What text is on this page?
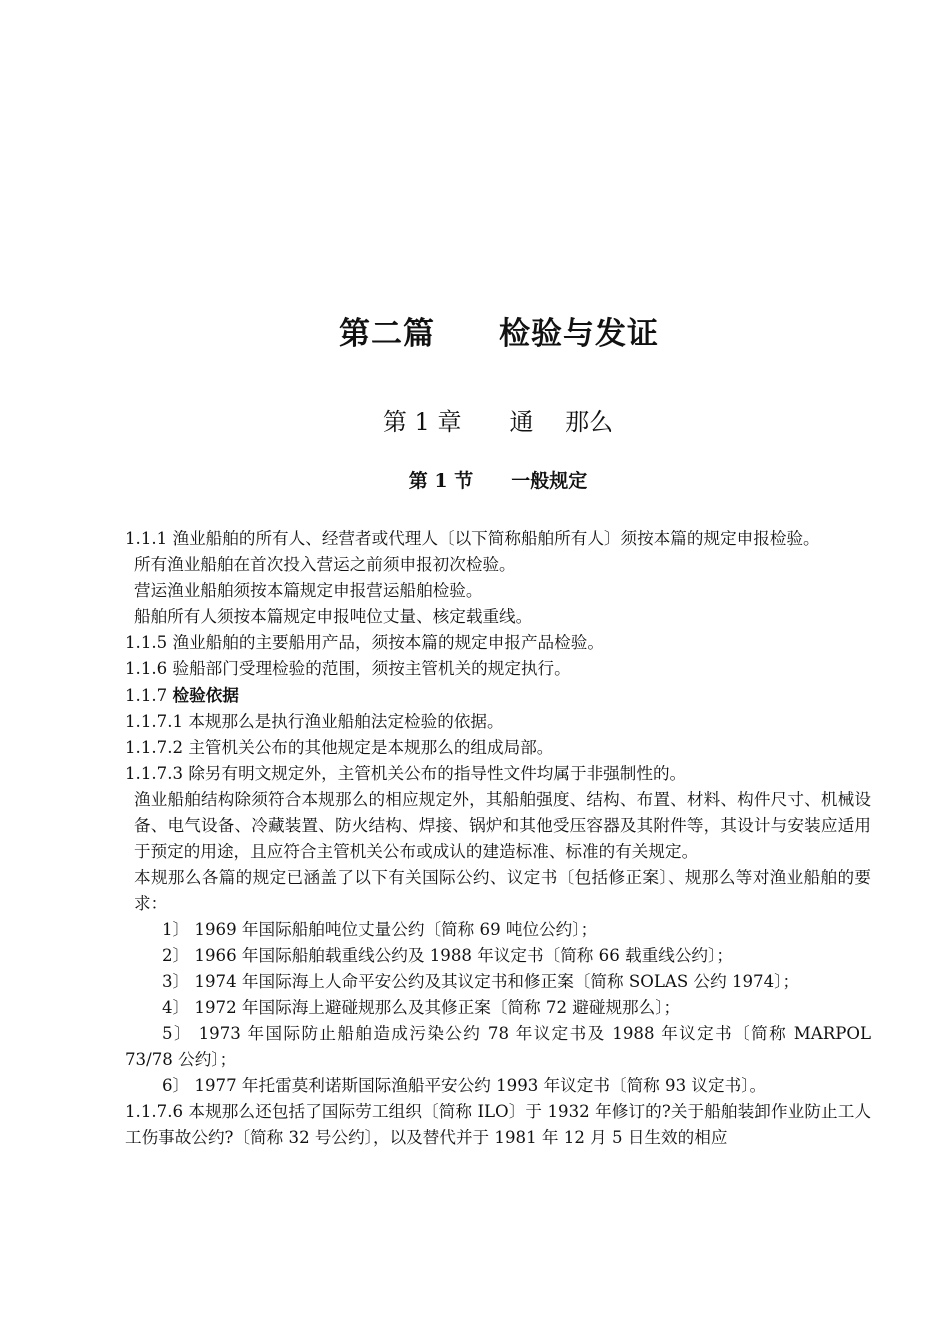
第二篇　　检验与发证
第 1 章　　通　 那么
第 1 节　　一般规定

1.1.1 渔业船舶的所有人、经营者或代理人〔以下简称船舶所有人〕须按本篇的规定申报检验。

所有渔业船舶在首次投入营运之前须申报初次检验。

营运渔业船舶须按本篇规定申报营运船舶检验。

船舶所有人须按本篇规定申报吨位丈量、核定载重线。

1.1.5 渔业船舶的主要船用产品，须按本篇的规定申报产品检验。

1.1.6 验船部门受理检验的范围，须按主管机关的规定执行。

1.1.7 检验依据

1.1.7.1 本规那么是执行渔业船舶法定检验的依据。

1.1.7.2 主管机关公布的其他规定是本规那么的组成局部。

1.1.7.3 除另有明文规定外，主管机关公布的指导性文件均属于非强制性的。

渔业船舶结构除须符合本规那么的相应规定外，其船舶强度、结构、布置、材料、构件尺寸、机械设备、电气设备、冷藏装置、防火结构、焊接、锅炉和其他受压容器及其附件等，其设计与安装应适用于预定的用途，且应符合主管机关公布或成认的建造标准、标准的有关规定。

本规那么各篇的规定已涵盖了以下有关国际公约、议定书〔包括修正案〕、规那么等对渔业船舶的要求：

1〕 1969 年国际船舶吨位丈量公约〔简称 69 吨位公约〕；

2〕 1966 年国际船舶载重线公约及 1988 年议定书〔简称 66 载重线公约〕；

3〕 1974 年国际海上人命平安公约及其议定书和修正案〔简称 SOLAS 公约 1974〕；

4〕 1972 年国际海上避碰规那么及其修正案〔简称 72 避碰规那么〕；

5〕 1973 年国际防止船舶造成污染公约 78 年议定书及 1988 年议定书〔简称 MARPOL 73/78 公约〕；

6〕 1977 年托雷莫利诺斯国际渔船平安公约 1993 年议定书〔简称 93 议定书〕。

1.1.7.6 本规那么还包括了国际劳工组织〔简称 ILO〕于 1932 年修订的?关于船舶装卸作业防止工人工伤事故公约?〔简称 32 号公约〕，以及替代并于 1981 年 12 月 5 日生效的相应
